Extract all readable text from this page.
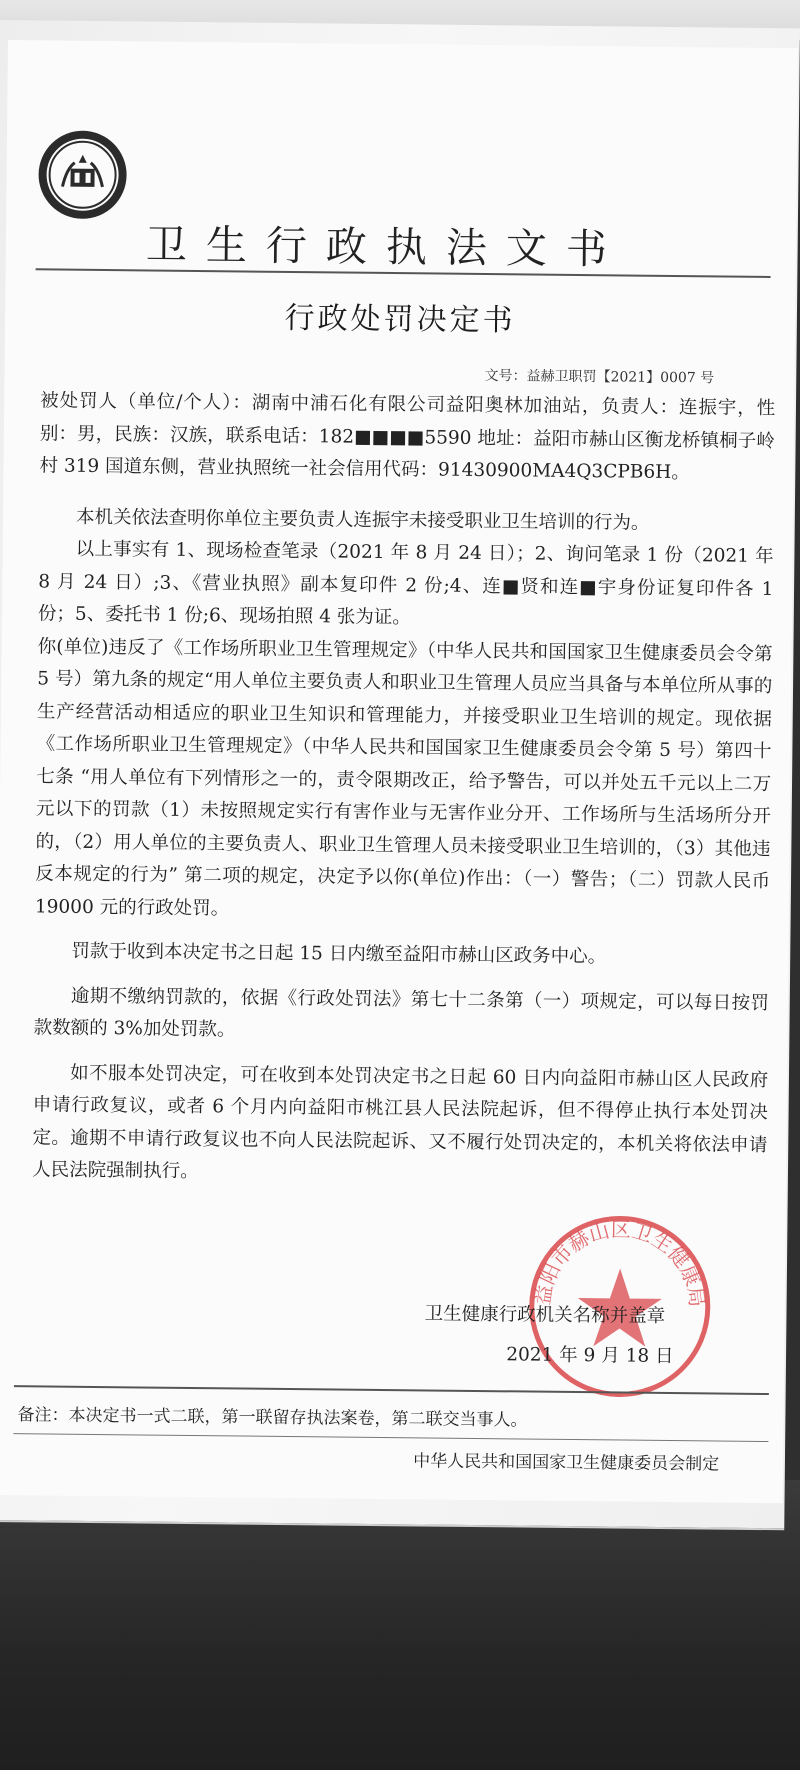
卫生行政执法文书
行政处罚决定书
文号：益赫卫职罚【2021】0007 号

被处罚人（单位/个人）：湖南中浦石化有限公司益阳奥林加油站，负责人：连振宇，性别：男，民族：汉族，联系电话：182■■■■5590 地址：益阳市赫山区衡龙桥镇桐子岭村 319 国道东侧，营业执照统一社会信用代码：91430900MA4Q3CPB6H。

本机关依法查明你单位主要负责人连振宇未接受职业卫生培训的行为。

以上事实有 1、现场检查笔录（2021 年 8 月 24 日）；2、询问笔录 1 份（2021 年 8 月 24 日）;3、《营业执照》副本复印件 2 份;4、连■贤和连■宇身份证复印件各 1 份；5、委托书 1 份;6、现场拍照 4 张为证。

你(单位)违反了《工作场所职业卫生管理规定》（中华人民共和国国家卫生健康委员会令第 5 号）第九条的规定“用人单位主要负责人和职业卫生管理人员应当具备与本单位所从事的生产经营活动相适应的职业卫生知识和管理能力，并接受职业卫生培训的规定。现依据《工作场所职业卫生管理规定》（中华人民共和国国家卫生健康委员会令第 5 号）第四十七条 “用人单位有下列情形之一的，责令限期改正，给予警告，可以并处五千元以上二万元以下的罚款（1）未按照规定实行有害作业与无害作业分开、工作场所与生活场所分开的，（2）用人单位的主要负责人、职业卫生管理人员未接受职业卫生培训的，（3）其他违反本规定的行为” 第二项的规定，决定予以你(单位)作出：（一）警告；（二）罚款人民币 19000 元的行政处罚。

罚款于收到本决定书之日起 15 日内缴至益阳市赫山区政务中心。

逾期不缴纳罚款的，依据《行政处罚法》第七十二条第（一）项规定，可以每日按罚款数额的 3%加处罚款。

如不服本处罚决定，可在收到本处罚决定书之日起 60 日内向益阳市赫山区人民政府申请行政复议，或者 6 个月内向益阳市桃江县人民法院起诉，但不得停止执行本处罚决定。逾期不申请行政复议也不向人民法院起诉、又不履行处罚决定的，本机关将依法申请人民法院强制执行。

益阳市赫山区卫生健康局
卫生健康行政机关名称并盖章
2021 年 9 月 18 日
备注：本决定书一式二联，第一联留存执法案卷，第二联交当事人。
中华人民共和国国家卫生健康委员会制定
